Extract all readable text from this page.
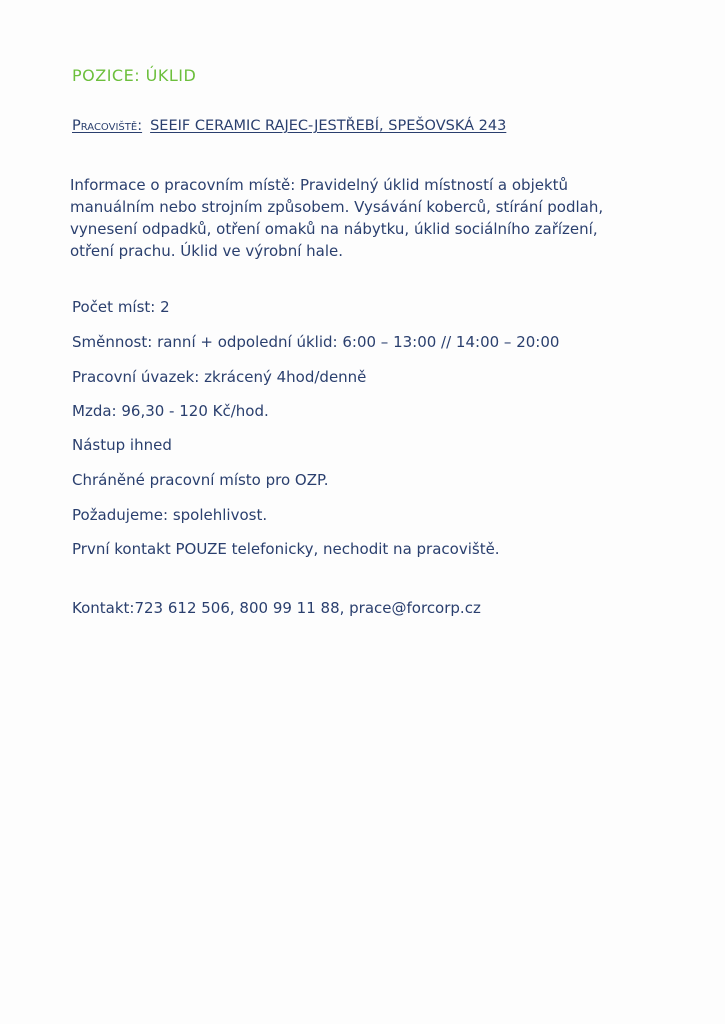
POZICE: ÚKLID
Pracoviště: SEEIF CERAMIC RAJEC-JESTŘEBÍ, SPEŠOVSKÁ 243
Informace o pracovním místě: Pravidelný úklid místností a objektů
manuálním nebo strojním způsobem. Vysávání koberců, stírání podlah,
vynesení odpadků, otření omaků na nábytku, úklid sociálního zařízení,
otření prachu. Úklid ve výrobní hale.
Počet míst: 2
Směnnost: ranní + odpolední úklid: 6:00 – 13:00 // 14:00 – 20:00
Pracovní úvazek: zkrácený 4hod/denně
Mzda: 96,30 - 120 Kč/hod.
Nástup ihned
Chráněné pracovní místo pro OZP.
Požadujeme: spolehlivost.
První kontakt POUZE telefonicky, nechodit na pracoviště.
Kontakt:723 612 506, 800 99 11 88, prace@forcorp.cz
